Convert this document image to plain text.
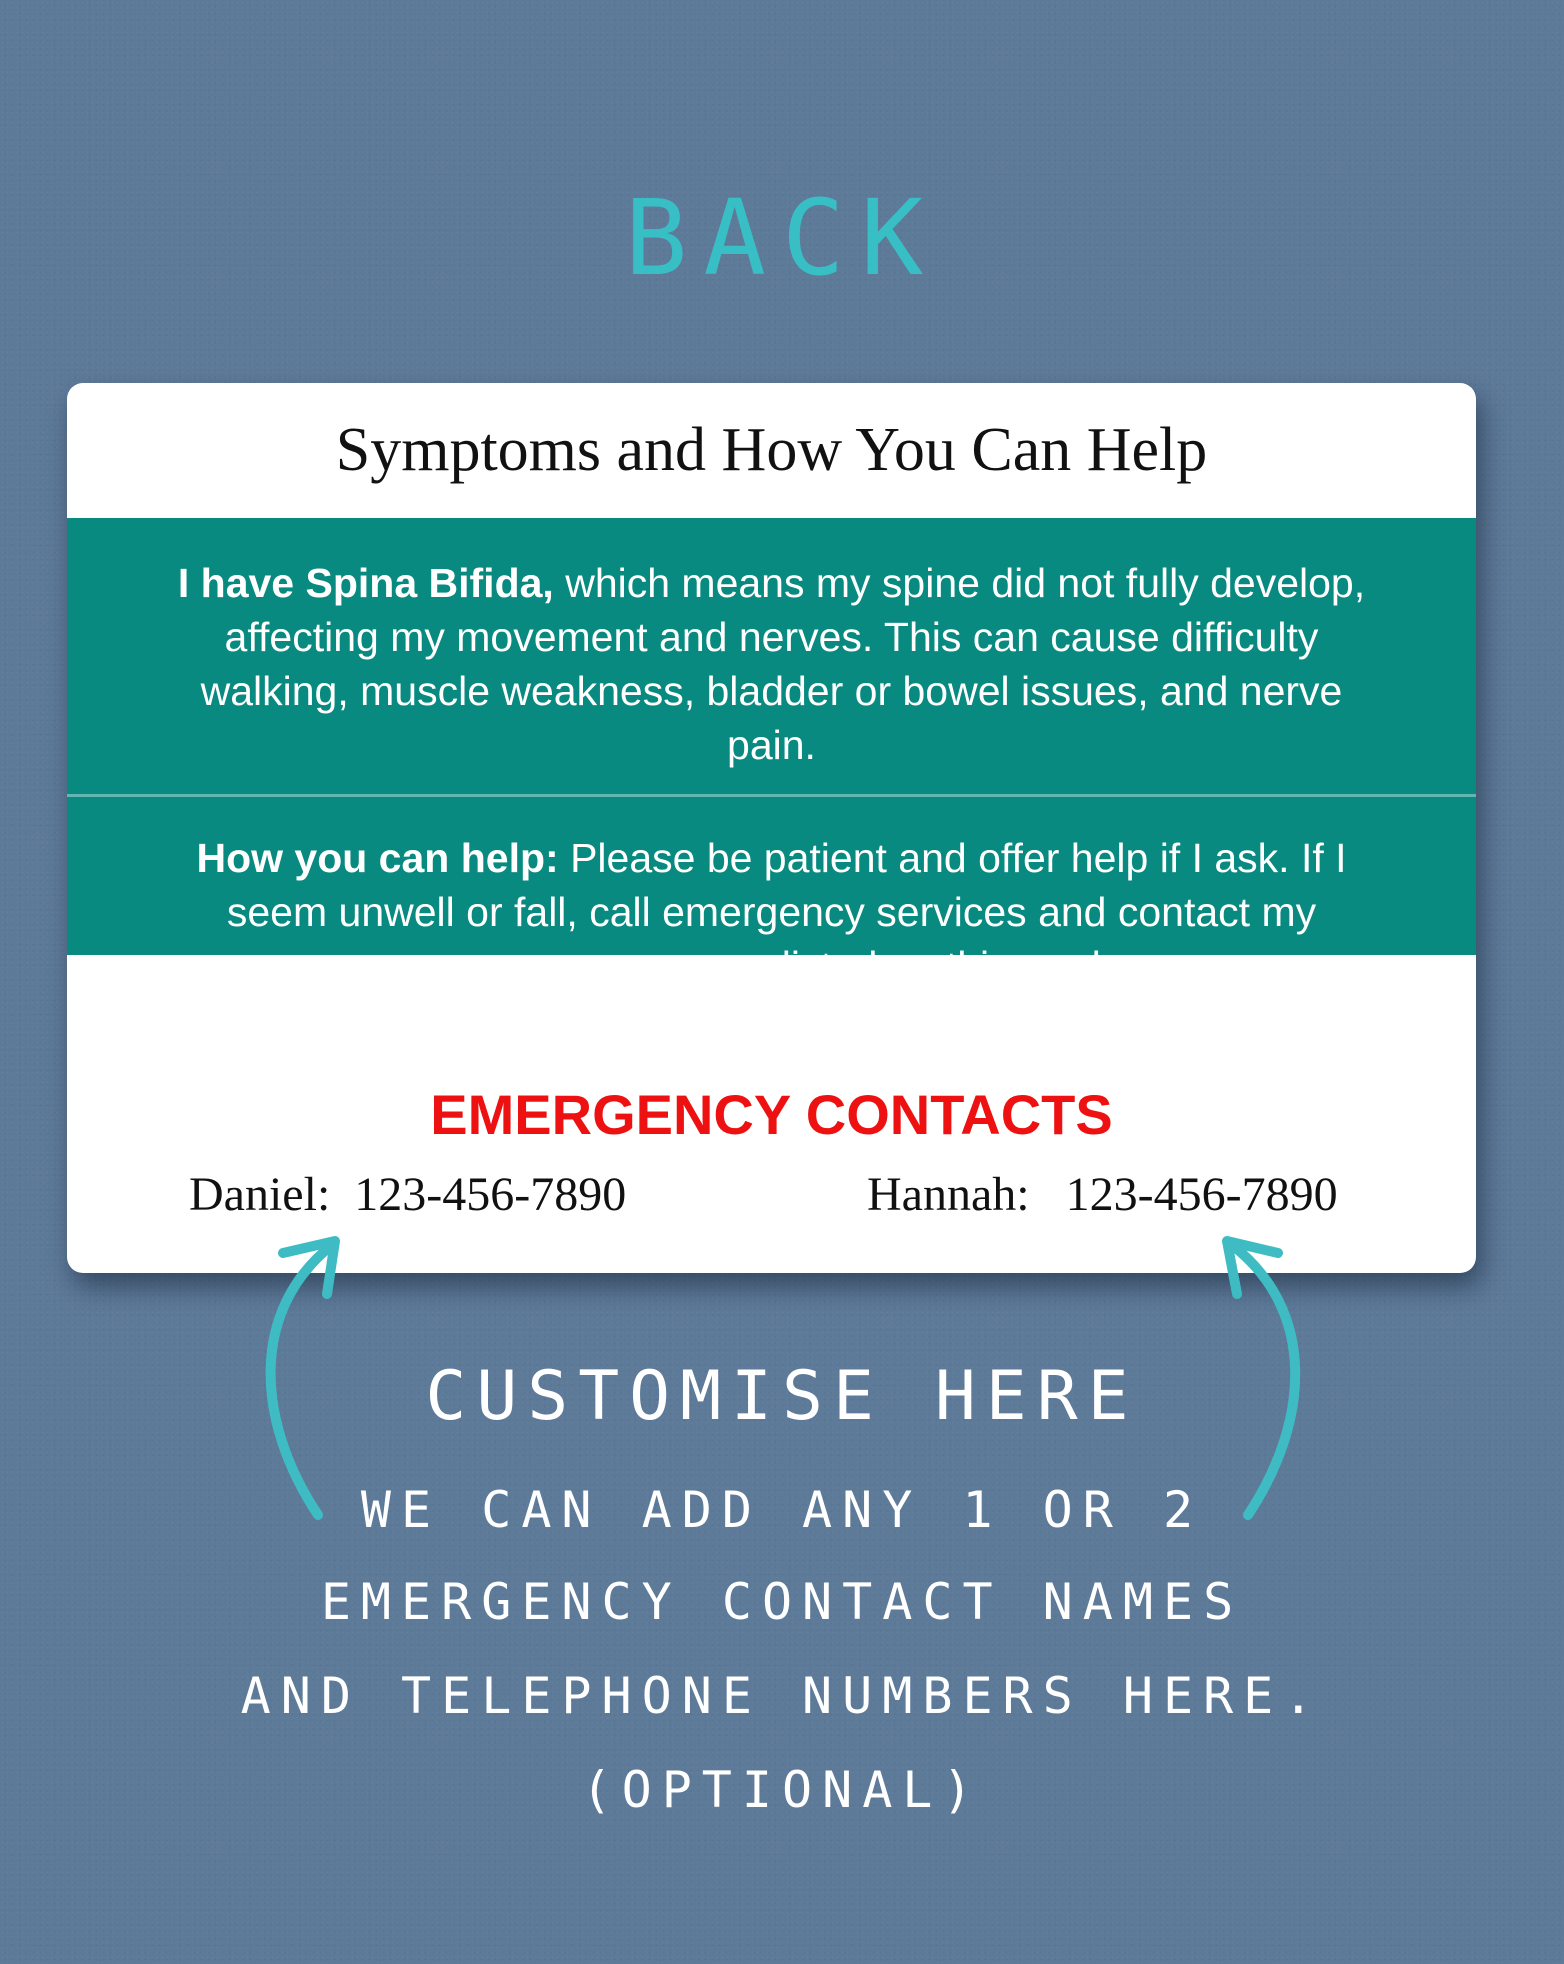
BACK
Symptoms and How You Can Help
I have Spina Bifida, which means my spine did not fully develop, affecting my movement and nerves. This can cause difficulty walking, muscle weakness, bladder or bowel issues, and nerve pain.
How you can help: Please be patient and offer help if I ask. If I seem unwell or fall, call emergency services and contact my emergency person listed on this card.
THANK YOU!
EMERGENCY CONTACTS
Daniel:  123-456-7890	Hannah:   123-456-7890
CUSTOMISE HERE
WE CAN ADD ANY 1 OR 2
EMERGENCY CONTACT NAMES
AND TELEPHONE NUMBERS HERE.
(OPTIONAL)
